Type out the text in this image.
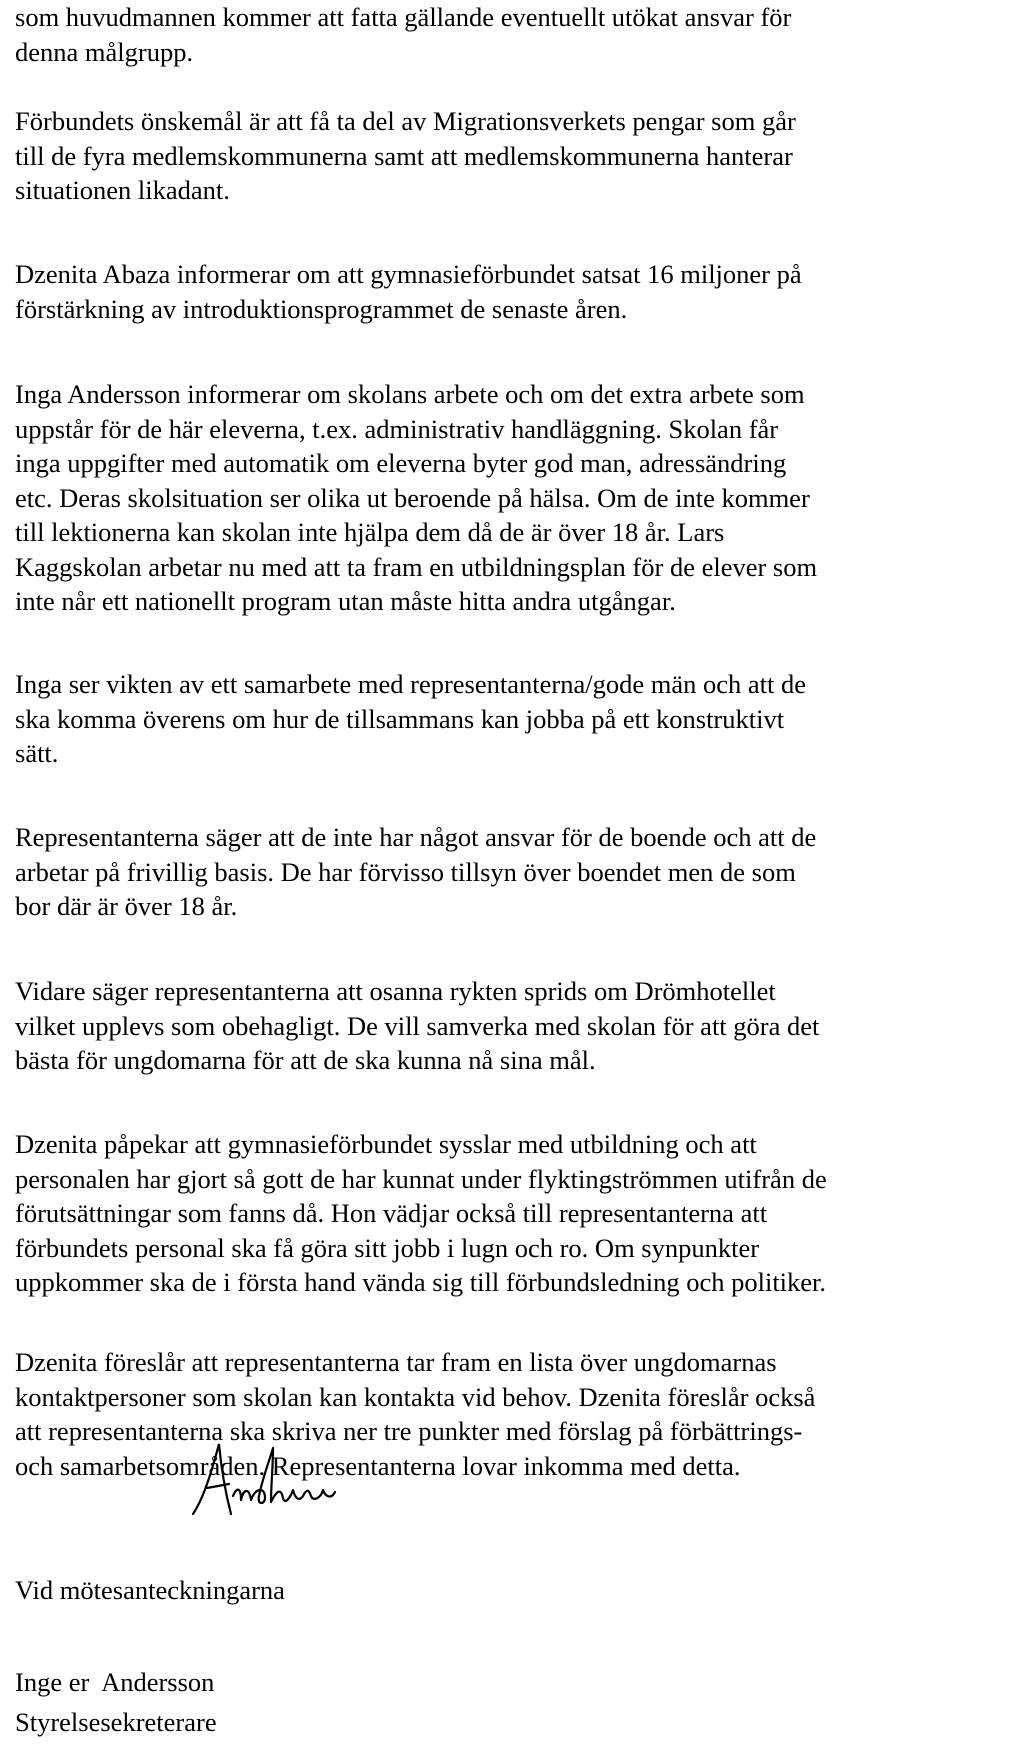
som huvudmannen kommer att fatta gällande eventuellt utökat ansvar för
denna målgrupp.

Förbundets önskemål är att få ta del av Migrationsverkets pengar som går
till de fyra medlemskommunerna samt att medlemskommunerna hanterar
situationen likadant.

Dzenita Abaza informerar om att gymnasieförbundet satsat 16 miljoner på
förstärkning av introduktionsprogrammet de senaste åren.

Inga Andersson informerar om skolans arbete och om det extra arbete som
uppstår för de här eleverna, t.ex. administrativ handläggning. Skolan får
inga uppgifter med automatik om eleverna byter god man, adressändring
etc. Deras skolsituation ser olika ut beroende på hälsa. Om de inte kommer
till lektionerna kan skolan inte hjälpa dem då de är över 18 år. Lars
Kaggskolan arbetar nu med att ta fram en utbildningsplan för de elever som
inte når ett nationellt program utan måste hitta andra utgångar.

Inga ser vikten av ett samarbete med representanterna/gode män och att de
ska komma överens om hur de tillsammans kan jobba på ett konstruktivt
sätt.

Representanterna säger att de inte har något ansvar för de boende och att de
arbetar på frivillig basis. De har förvisso tillsyn över boendet men de som
bor där är över 18 år.

Vidare säger representanterna att osanna rykten sprids om Drömhotellet
vilket upplevs som obehagligt. De vill samverka med skolan för att göra det
bästa för ungdomarna för att de ska kunna nå sina mål.

Dzenita påpekar att gymnasieförbundet sysslar med utbildning och att
personalen har gjort så gott de har kunnat under flyktingströmmen utifrån de
förutsättningar som fanns då. Hon vädjar också till representanterna att
förbundets personal ska få göra sitt jobb i lugn och ro. Om synpunkter
uppkommer ska de i första hand vända sig till förbundsledning och politiker.

Dzenita föreslår att representanterna tar fram en lista över ungdomarnas
kontaktpersoner som skolan kan kontakta vid behov. Dzenita föreslår också
att representanterna ska skriva ner tre punkter med förslag på förbättrings-
och samarbetsområden. Representanterna lovar inkomma med detta.

Vid mötesanteckningarna
Inge er  Andersson
Styrelsesekreterare
